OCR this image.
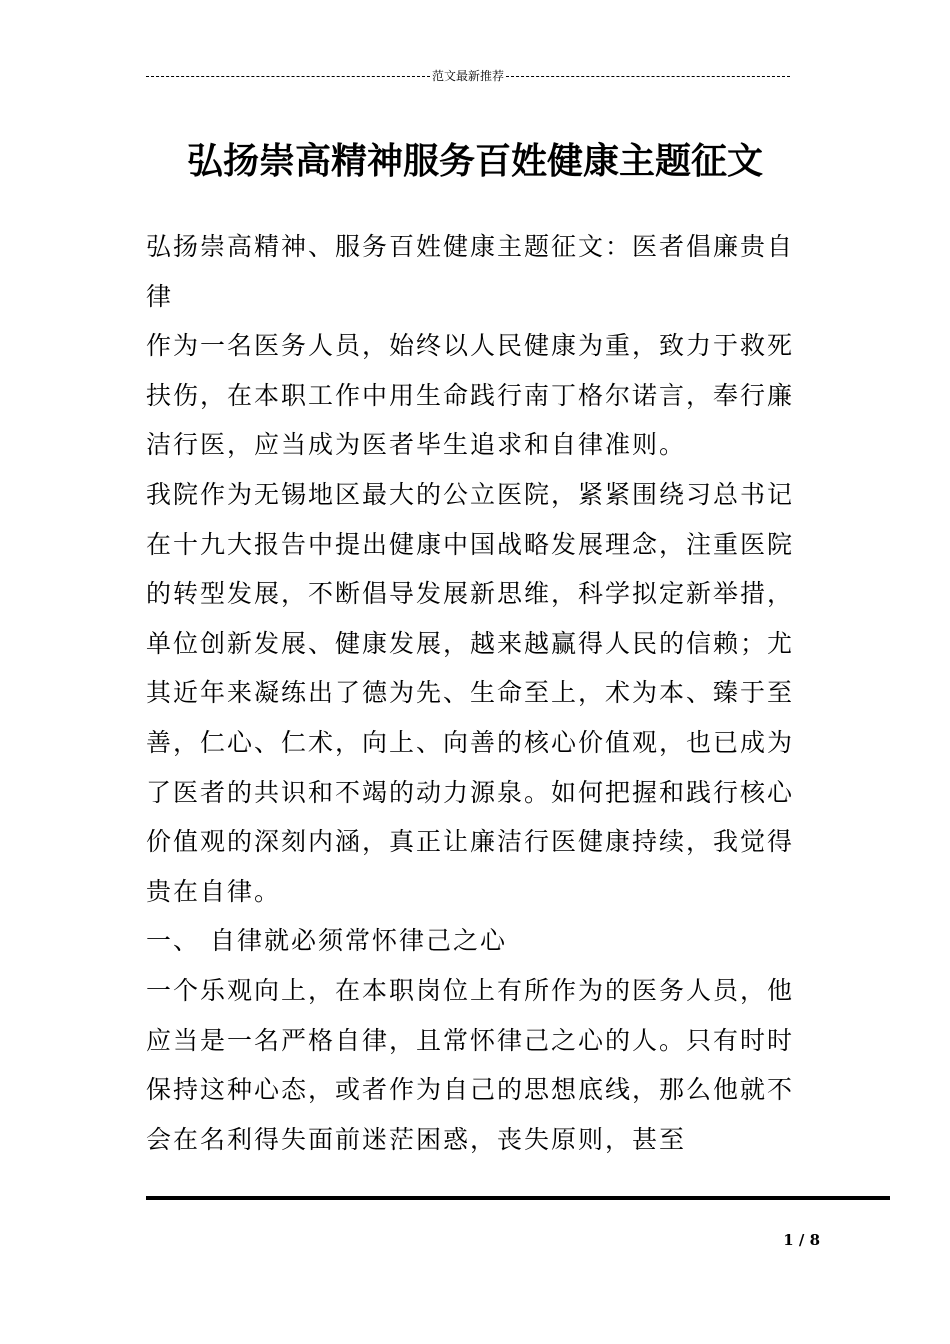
范文最新推荐
弘扬崇高精神服务百姓健康主题征文

弘扬崇高精神、服务百姓健康主题征文：医者倡廉贵自律

作为一名医务人员，始终以人民健康为重，致力于救死扶伤，在本职工作中用生命践行南丁格尔诺言，奉行廉洁行医，应当成为医者毕生追求和自律准则。

我院作为无锡地区最大的公立医院，紧紧围绕习总书记在十九大报告中提出健康中国战略发展理念，注重医院的转型发展，不断倡导发展新思维，科学拟定新举措，单位创新发展、健康发展，越来越赢得人民的信赖；尤其近年来凝练出了德为先、生命至上，术为本、臻于至善，仁心、仁术，向上、向善的核心价值观，也已成为了医者的共识和不竭的动力源泉。如何把握和践行核心价值观的深刻内涵，真正让廉洁行医健康持续，我觉得贵在自律。

一、 自律就必须常怀律己之心

一个乐观向上，在本职岗位上有所作为的医务人员，他应当是一名严格自律，且常怀律己之心的人。只有时时保持这种心态，或者作为自己的思想底线，那么他就不会在名利得失面前迷茫困惑，丧失原则，甚至

1 / 8
